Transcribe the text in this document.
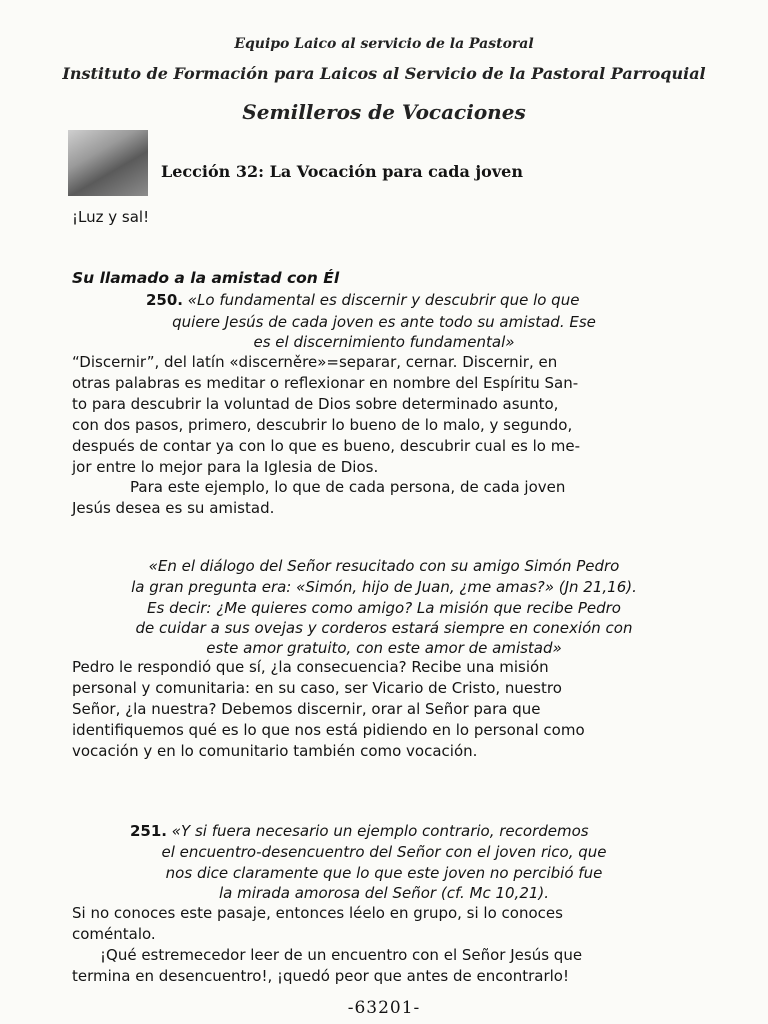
Equipo Laico al servicio de la Pastoral
Instituto de Formación para Laicos al Servicio de la Pastoral Parroquial
Semilleros de Vocaciones
Lección 32: La Vocación para cada joven
¡Luz y sal!
Su llamado a la amistad con Él
250. «Lo fundamental es discernir y descubrir que lo que
quiere Jesús de cada joven es ante todo su amistad. Ese
es el discernimiento fundamental»
“Discernir”, del latín «discerněre»=separar, cernar. Discernir, en
otras palabras es meditar o reflexionar en nombre del Espíritu San-
to para descubrir la voluntad de Dios sobre determinado asunto,
con dos pasos, primero, descubrir lo bueno de lo malo, y segundo,
después de contar ya con lo que es bueno, descubrir cual es lo me-
jor entre lo mejor para la Iglesia de Dios.
Para este ejemplo, lo que de cada persona, de cada joven
Jesús desea es su amistad.
«En el diálogo del Señor resucitado con su amigo Simón Pedro
la gran pregunta era: «Simón, hijo de Juan, ¿me amas?» (Jn 21,16).
Es decir: ¿Me quieres como amigo? La misión que recibe Pedro
de cuidar a sus ovejas y corderos estará siempre en conexión con
este amor gratuito, con este amor de amistad»
Pedro le respondió que sí, ¿la consecuencia? Recibe una misión
personal y comunitaria: en su caso, ser Vicario de Cristo, nuestro
Señor, ¿la nuestra? Debemos discernir, orar al Señor para que
identifiquemos qué es lo que nos está pidiendo en lo personal como
vocación y en lo comunitario también como vocación.
251. «Y si fuera necesario un ejemplo contrario, recordemos
el encuentro-desencuentro del Señor con el joven rico, que
nos dice claramente que lo que este joven no percibió fue
la mirada amorosa del Señor (cf. Mc 10,21).
Si no conoces este pasaje, entonces léelo en grupo, si lo conoces
coméntalo.
¡Qué estremecedor leer de un encuentro con el Señor Jesús que
termina en desencuentro!, ¡quedó peor que antes de encontrarlo!
-63201-
